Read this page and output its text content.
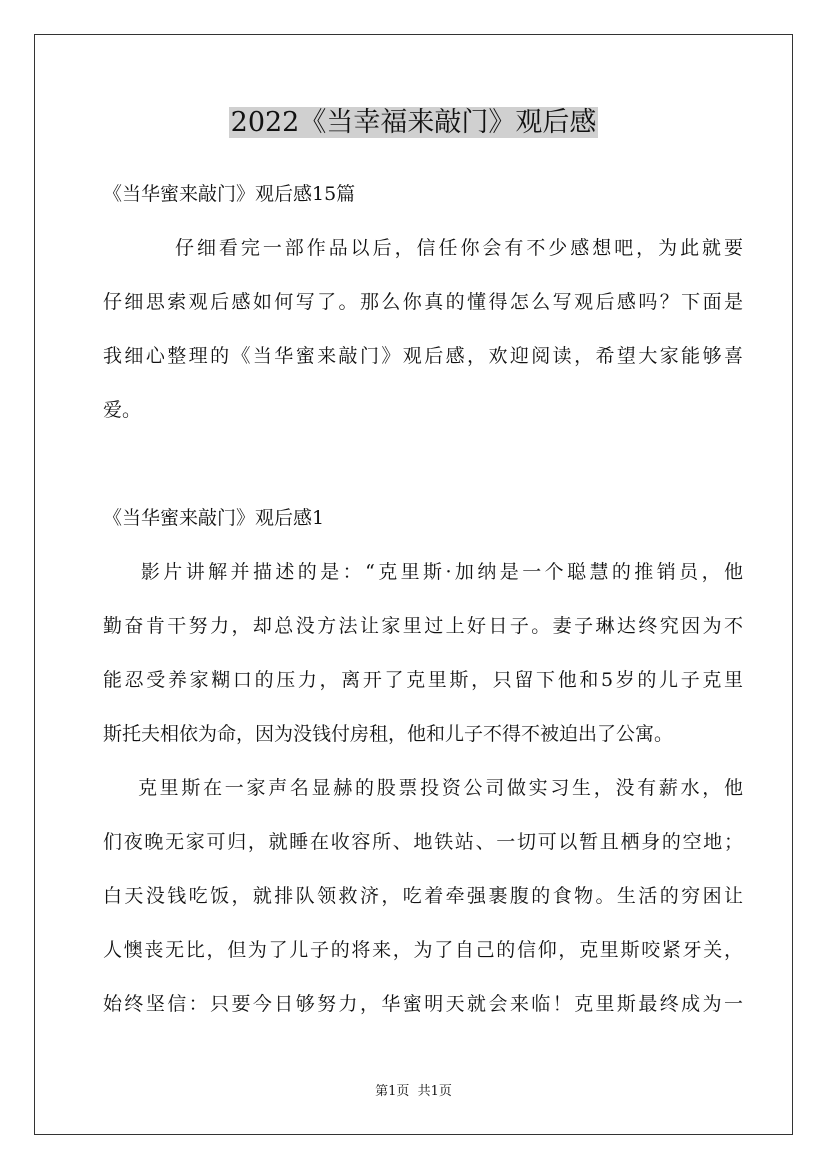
2022《当幸福来敲门》观后感
《当华蜜来敲门》观后感15篇
仔细看完一部作品以后，信任你会有不少感想吧，为此就要
仔细思索观后感如何写了。那么你真的懂得怎么写观后感吗？下面是
我细心整理的《当华蜜来敲门》观后感，欢迎阅读，希望大家能够喜
爱。
《当华蜜来敲门》观后感1
影片讲解并描述的是：“克里斯·加纳是一个聪慧的推销员，他
勤奋肯干努力，却总没方法让家里过上好日子。妻子琳达终究因为不
能忍受养家糊口的压力，离开了克里斯，只留下他和5岁的儿子克里
斯托夫相依为命，因为没钱付房租，他和儿子不得不被迫出了公寓。
克里斯在一家声名显赫的股票投资公司做实习生，没有薪水，他
们夜晚无家可归，就睡在收容所、地铁站、一切可以暂且栖身的空地；
白天没钱吃饭，就排队领救济，吃着牵强裹腹的食物。生活的穷困让
人懊丧无比，但为了儿子的将来，为了自己的信仰，克里斯咬紧牙关，
始终坚信：只要今日够努力，华蜜明天就会来临！克里斯最终成为一
第1页  共1页
